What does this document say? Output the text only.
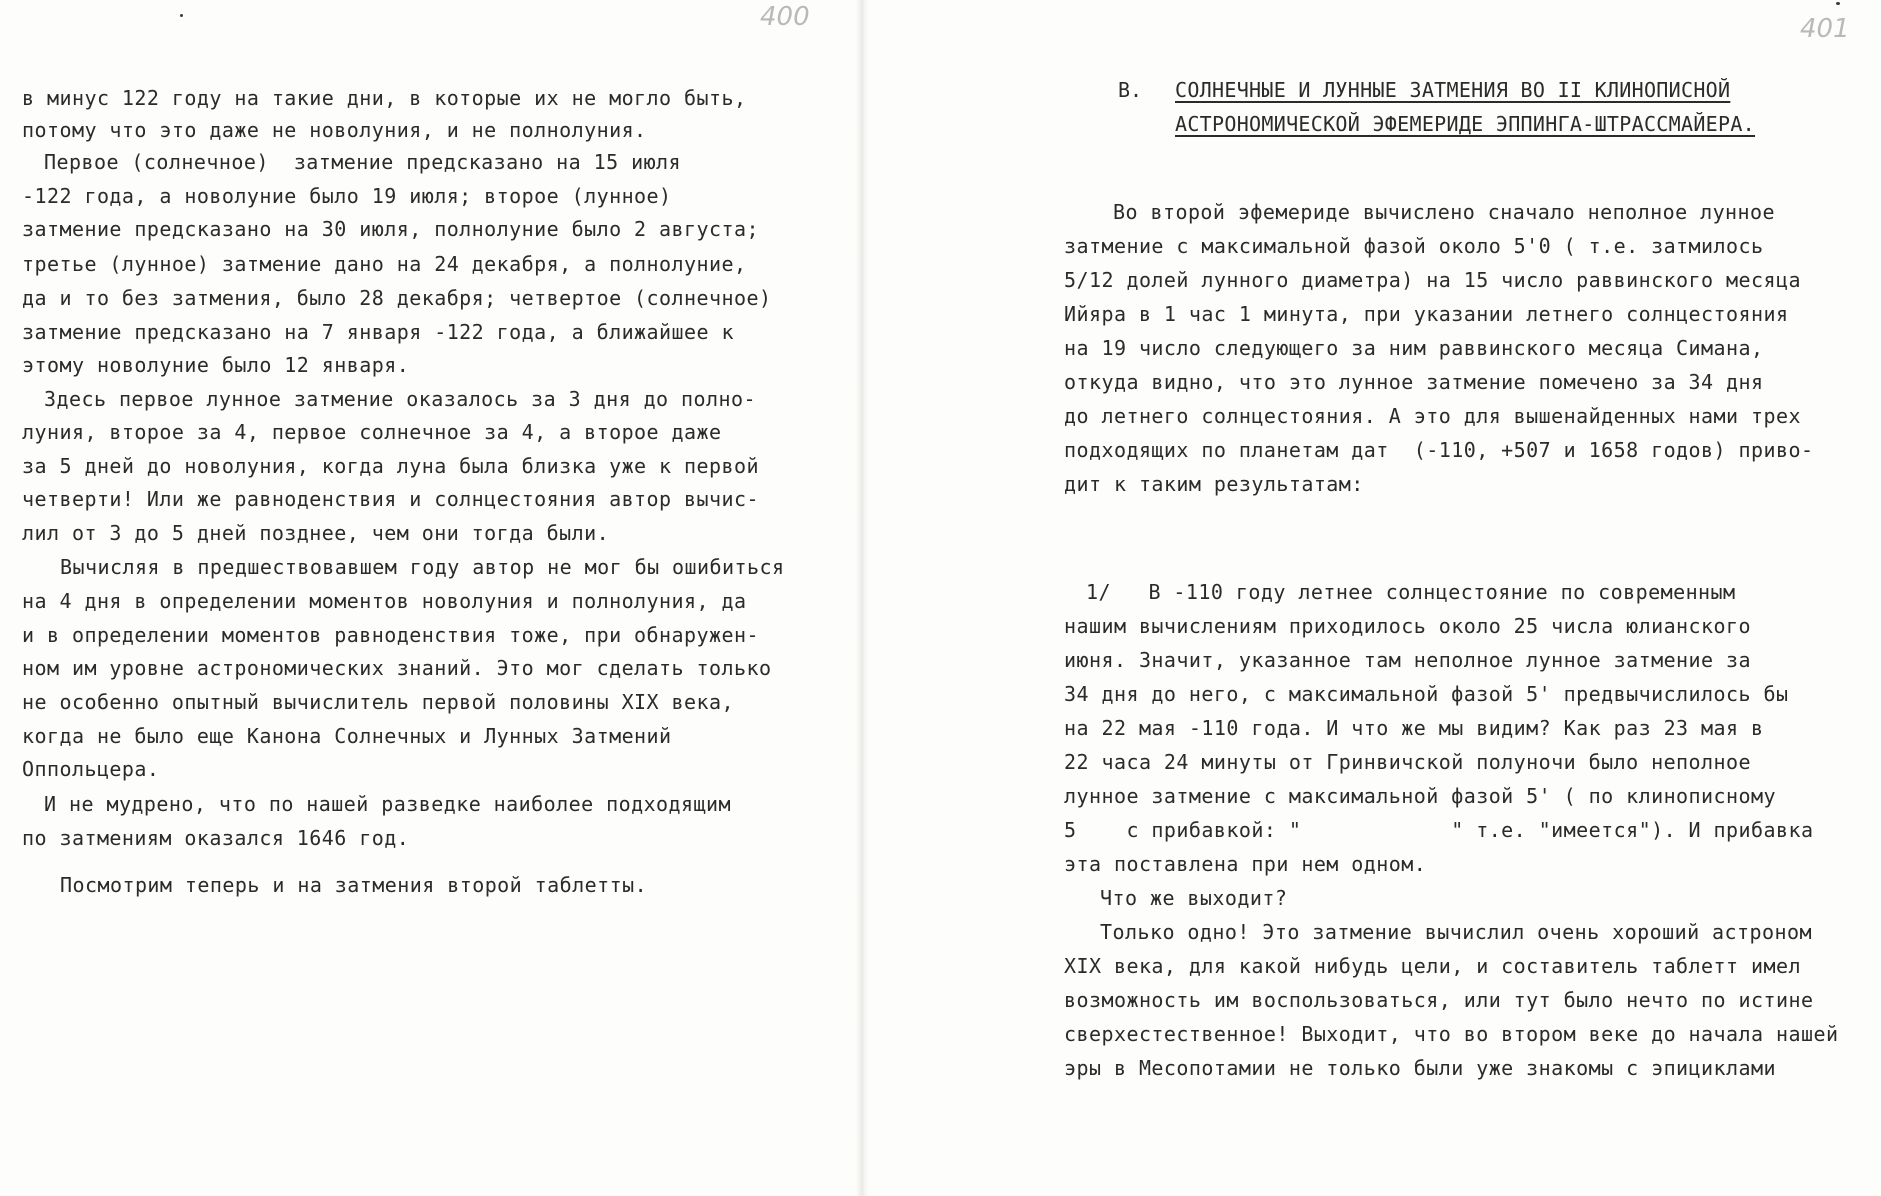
400	401
в минус 122 году на такие дни, в которые их не могло быть,
потому что это даже не новолуния, и не полнолуния.
Первое (солнечное)  затмение предсказано на 15 июля
-122 года, а новолуние было 19 июля; второе (лунное)
затмение предсказано на 30 июля, полнолуние было 2 августа;
третье (лунное) затмение дано на 24 декабря, а полнолуние,
да и то без затмения, было 28 декабря; четвертое (солнечное)
затмение предсказано на 7 января -122 года, а ближайшее к
этому новолуние было 12 января.
Здесь первое лунное затмение оказалось за 3 дня до полно-
луния, второе за 4, первое солнечное за 4, а второе даже
за 5 дней до новолуния, когда луна была близка уже к первой
четверти! Или же равноденствия и солнцестояния автор вычис-
лил от 3 до 5 дней позднее, чем они тогда были.
Вычисляя в предшествовавшем году автор не мог бы ошибиться
на 4 дня в определении моментов новолуния и полнолуния, да
и в определении моментов равноденствия тоже, при обнаружен-
ном им уровне астрономических знаний. Это мог сделать только
не особенно опытный вычислитель первой половины XIX века,
когда не было еще Канона Солнечных и Лунных Затмений
Оппольцера.
И не мудрено, что по нашей разведке наиболее подходящим
по затмениям оказался 1646 год.
Посмотрим теперь и на затмения второй таблетты.
В. СОЛНЕЧНЫЕ И ЛУННЫЕ ЗАТМЕНИЯ ВО II КЛИНОПИСНОЙ
АСТРОНОМИЧЕСКОЙ ЭФЕМЕРИДЕ ЭППИНГА-ШТРАССМАЙЕРА.
Во второй эфемериде вычислено сначало неполное лунное
затмение с максимальной фазой около 5'0 ( т.е. затмилось
5/12 долей лунного диаметра) на 15 число раввинского месяца
Ийяра в 1 час 1 минута, при указании летнего солнцестояния
на 19 число следующего за ним раввинского месяца Симана,
откуда видно, что это лунное затмение помечено за 34 дня
до летнего солнцестояния. А это для вышенайденных нами трех
подходящих по планетам дат  (-110, +507 и 1658 годов) приво-
дит к таким результатам:
1/   В -110 году летнее солнцестояние по современным
нашим вычислениям приходилось около 25 числа юлианского
июня. Значит, указанное там неполное лунное затмение за
34 дня до него, с максимальной фазой 5' предвычислилось бы
на 22 мая -110 года. И что же мы видим? Как раз 23 мая в
22 часа 24 минуты от Гринвичской полуночи было неполное
лунное затмение с максимальной фазой 5' ( по клинописному
5    с прибавкой: "            " т.е. "имеется"). И прибавка
эта поставлена при нем одном.
Что же выходит?
Только одно! Это затмение вычислил очень хороший астроном
XIX века, для какой нибудь цели, и составитель таблетт имел
возможность им воспользоваться, или тут было нечто по истине
сверхестественное! Выходит, что во втором веке до начала нашей
эры в Месопотамии не только были уже знакомы с эпициклами
